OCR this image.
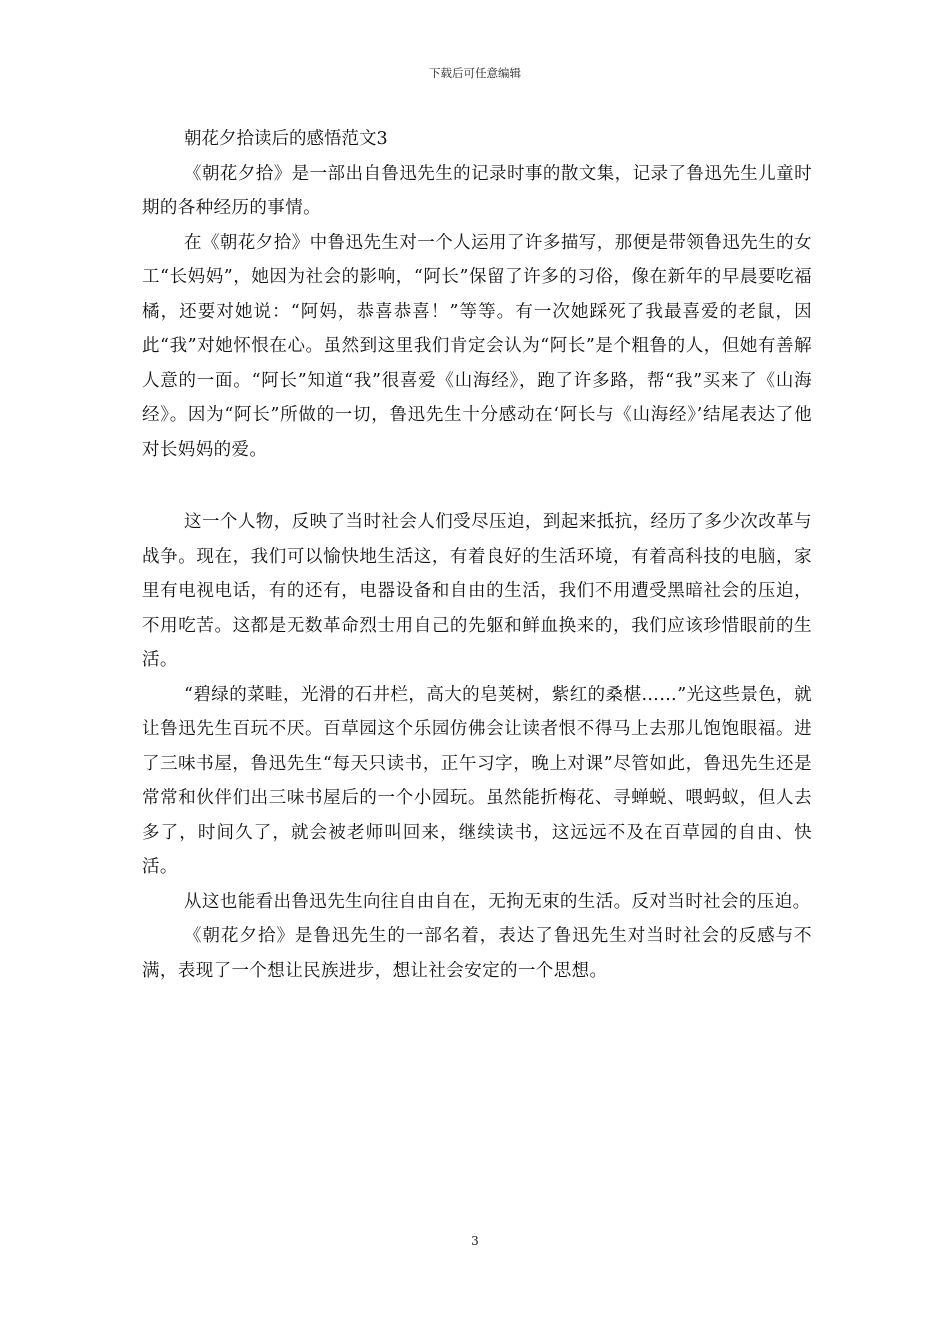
下载后可任意编辑

朝花夕拾读后的感悟范文3

《朝花夕拾》是一部出自鲁迅先生的记录时事的散文集，记录了鲁迅先生儿童时期的各种经历的事情。

在《朝花夕拾》中鲁迅先生对一个人运用了许多描写，那便是带领鲁迅先生的女工“长妈妈”，她因为社会的影响，“阿长”保留了许多的习俗，像在新年的早晨要吃福橘，还要对她说：“阿妈，恭喜恭喜！”等等。有一次她踩死了我最喜爱的老鼠，因此“我”对她怀恨在心。虽然到这里我们肯定会认为“阿长”是个粗鲁的人，但她有善解人意的一面。“阿长”知道“我”很喜爱《山海经》，跑了许多路，帮“我”买来了《山海经》。因为“阿长”所做的一切，鲁迅先生十分感动在‘阿长与《山海经》’结尾表达了他对长妈妈的爱。

这一个人物，反映了当时社会人们受尽压迫，到起来抵抗，经历了多少次改革与战争。现在，我们可以愉快地生活这，有着良好的生活环境，有着高科技的电脑，家里有电视电话，有的还有，电器设备和自由的生活，我们不用遭受黑暗社会的压迫，不用吃苦。这都是无数革命烈士用自己的先躯和鲜血换来的，我们应该珍惜眼前的生活。

“碧绿的菜畦，光滑的石井栏，高大的皂荚树，紫红的桑椹……”光这些景色，就让鲁迅先生百玩不厌。百草园这个乐园仿佛会让读者恨不得马上去那儿饱饱眼福。进了三味书屋，鲁迅先生“每天只读书，正午习字，晚上对课”尽管如此，鲁迅先生还是常常和伙伴们出三味书屋后的一个小园玩。虽然能折梅花、寻蝉蜕、喂蚂蚁，但人去多了，时间久了，就会被老师叫回来，继续读书，这远远不及在百草园的自由、快活。

从这也能看出鲁迅先生向往自由自在，无拘无束的生活。反对当时社会的压迫。

《朝花夕拾》是鲁迅先生的一部名着，表达了鲁迅先生对当时社会的反感与不满，表现了一个想让民族进步，想让社会安定的一个思想。

3
